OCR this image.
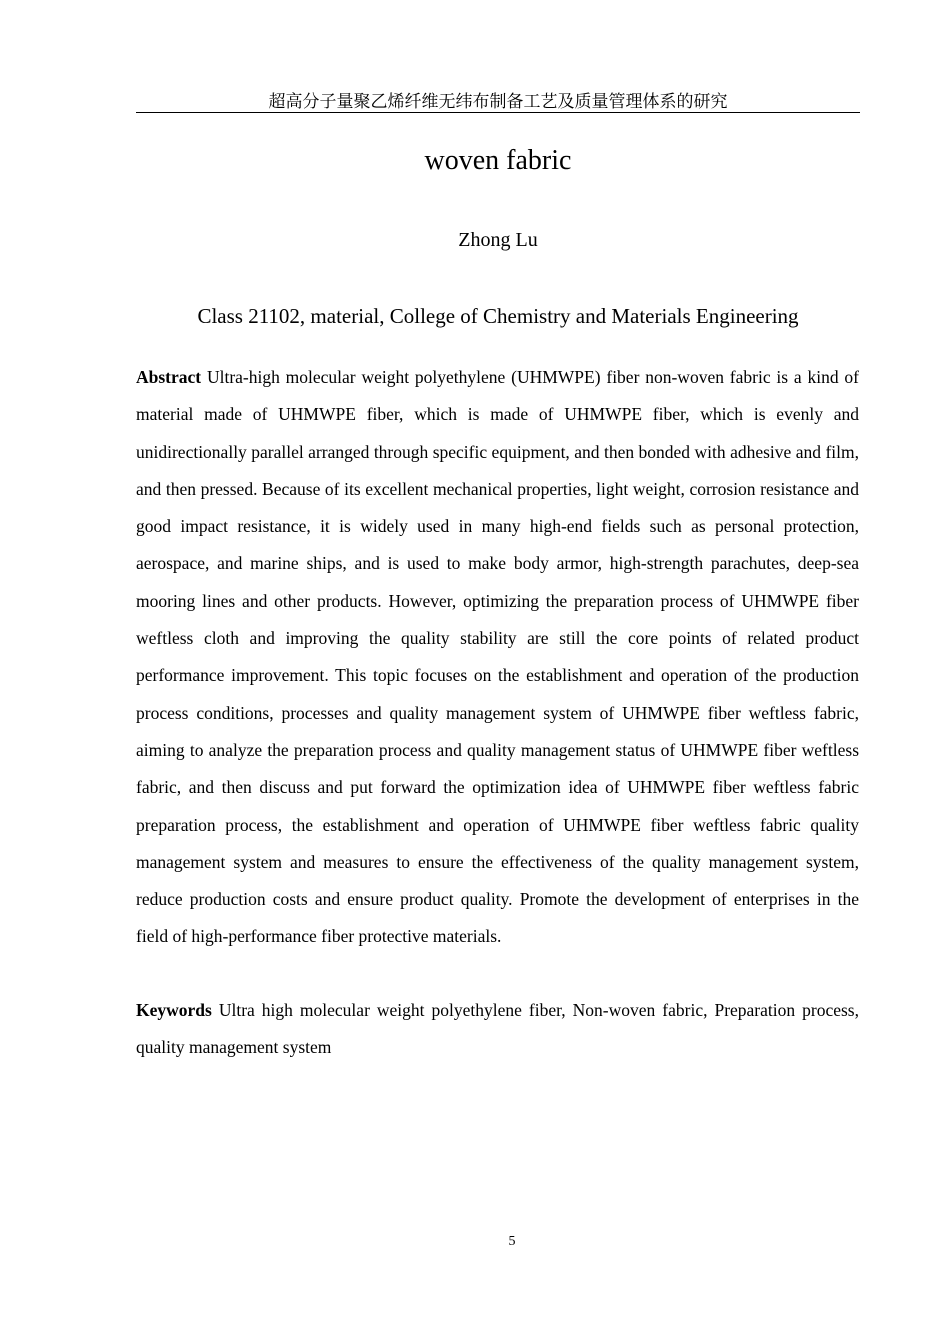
超高分子量聚乙烯纤维无纬布制备工艺及质量管理体系的研究
woven fabric
Zhong Lu
Class 21102, material, College of Chemistry and Materials Engineering

Abstract Ultra-high molecular weight polyethylene (UHMWPE) fiber non-woven fabric is a kind of material made of UHMWPE fiber, which is made of UHMWPE fiber, which is evenly and unidirectionally parallel arranged through specific equipment, and then bonded with adhesive and film, and then pressed. Because of its excellent mechanical properties, light weight, corrosion resistance and good impact resistance, it is widely used in many high-end fields such as personal protection, aerospace, and marine ships, and is used to make body armor, high-strength parachutes, deep-sea mooring lines and other products. However, optimizing the preparation process of UHMWPE fiber weftless cloth and improving the quality stability are still the core points of related product performance improvement. This topic focuses on the establishment and operation of the production process conditions, processes and quality management system of UHMWPE fiber weftless fabric, aiming to analyze the preparation process and quality management status of UHMWPE fiber weftless fabric, and then discuss and put forward the optimization idea of UHMWPE fiber weftless fabric preparation process, the establishment and operation of UHMWPE fiber weftless fabric quality management system and measures to ensure the effectiveness of the quality management system, reduce production costs and ensure product quality. Promote the development of enterprises in the field of high-performance fiber protective materials.

Keywords Ultra high molecular weight polyethylene fiber, Non-woven fabric, Preparation process, quality management system

5
